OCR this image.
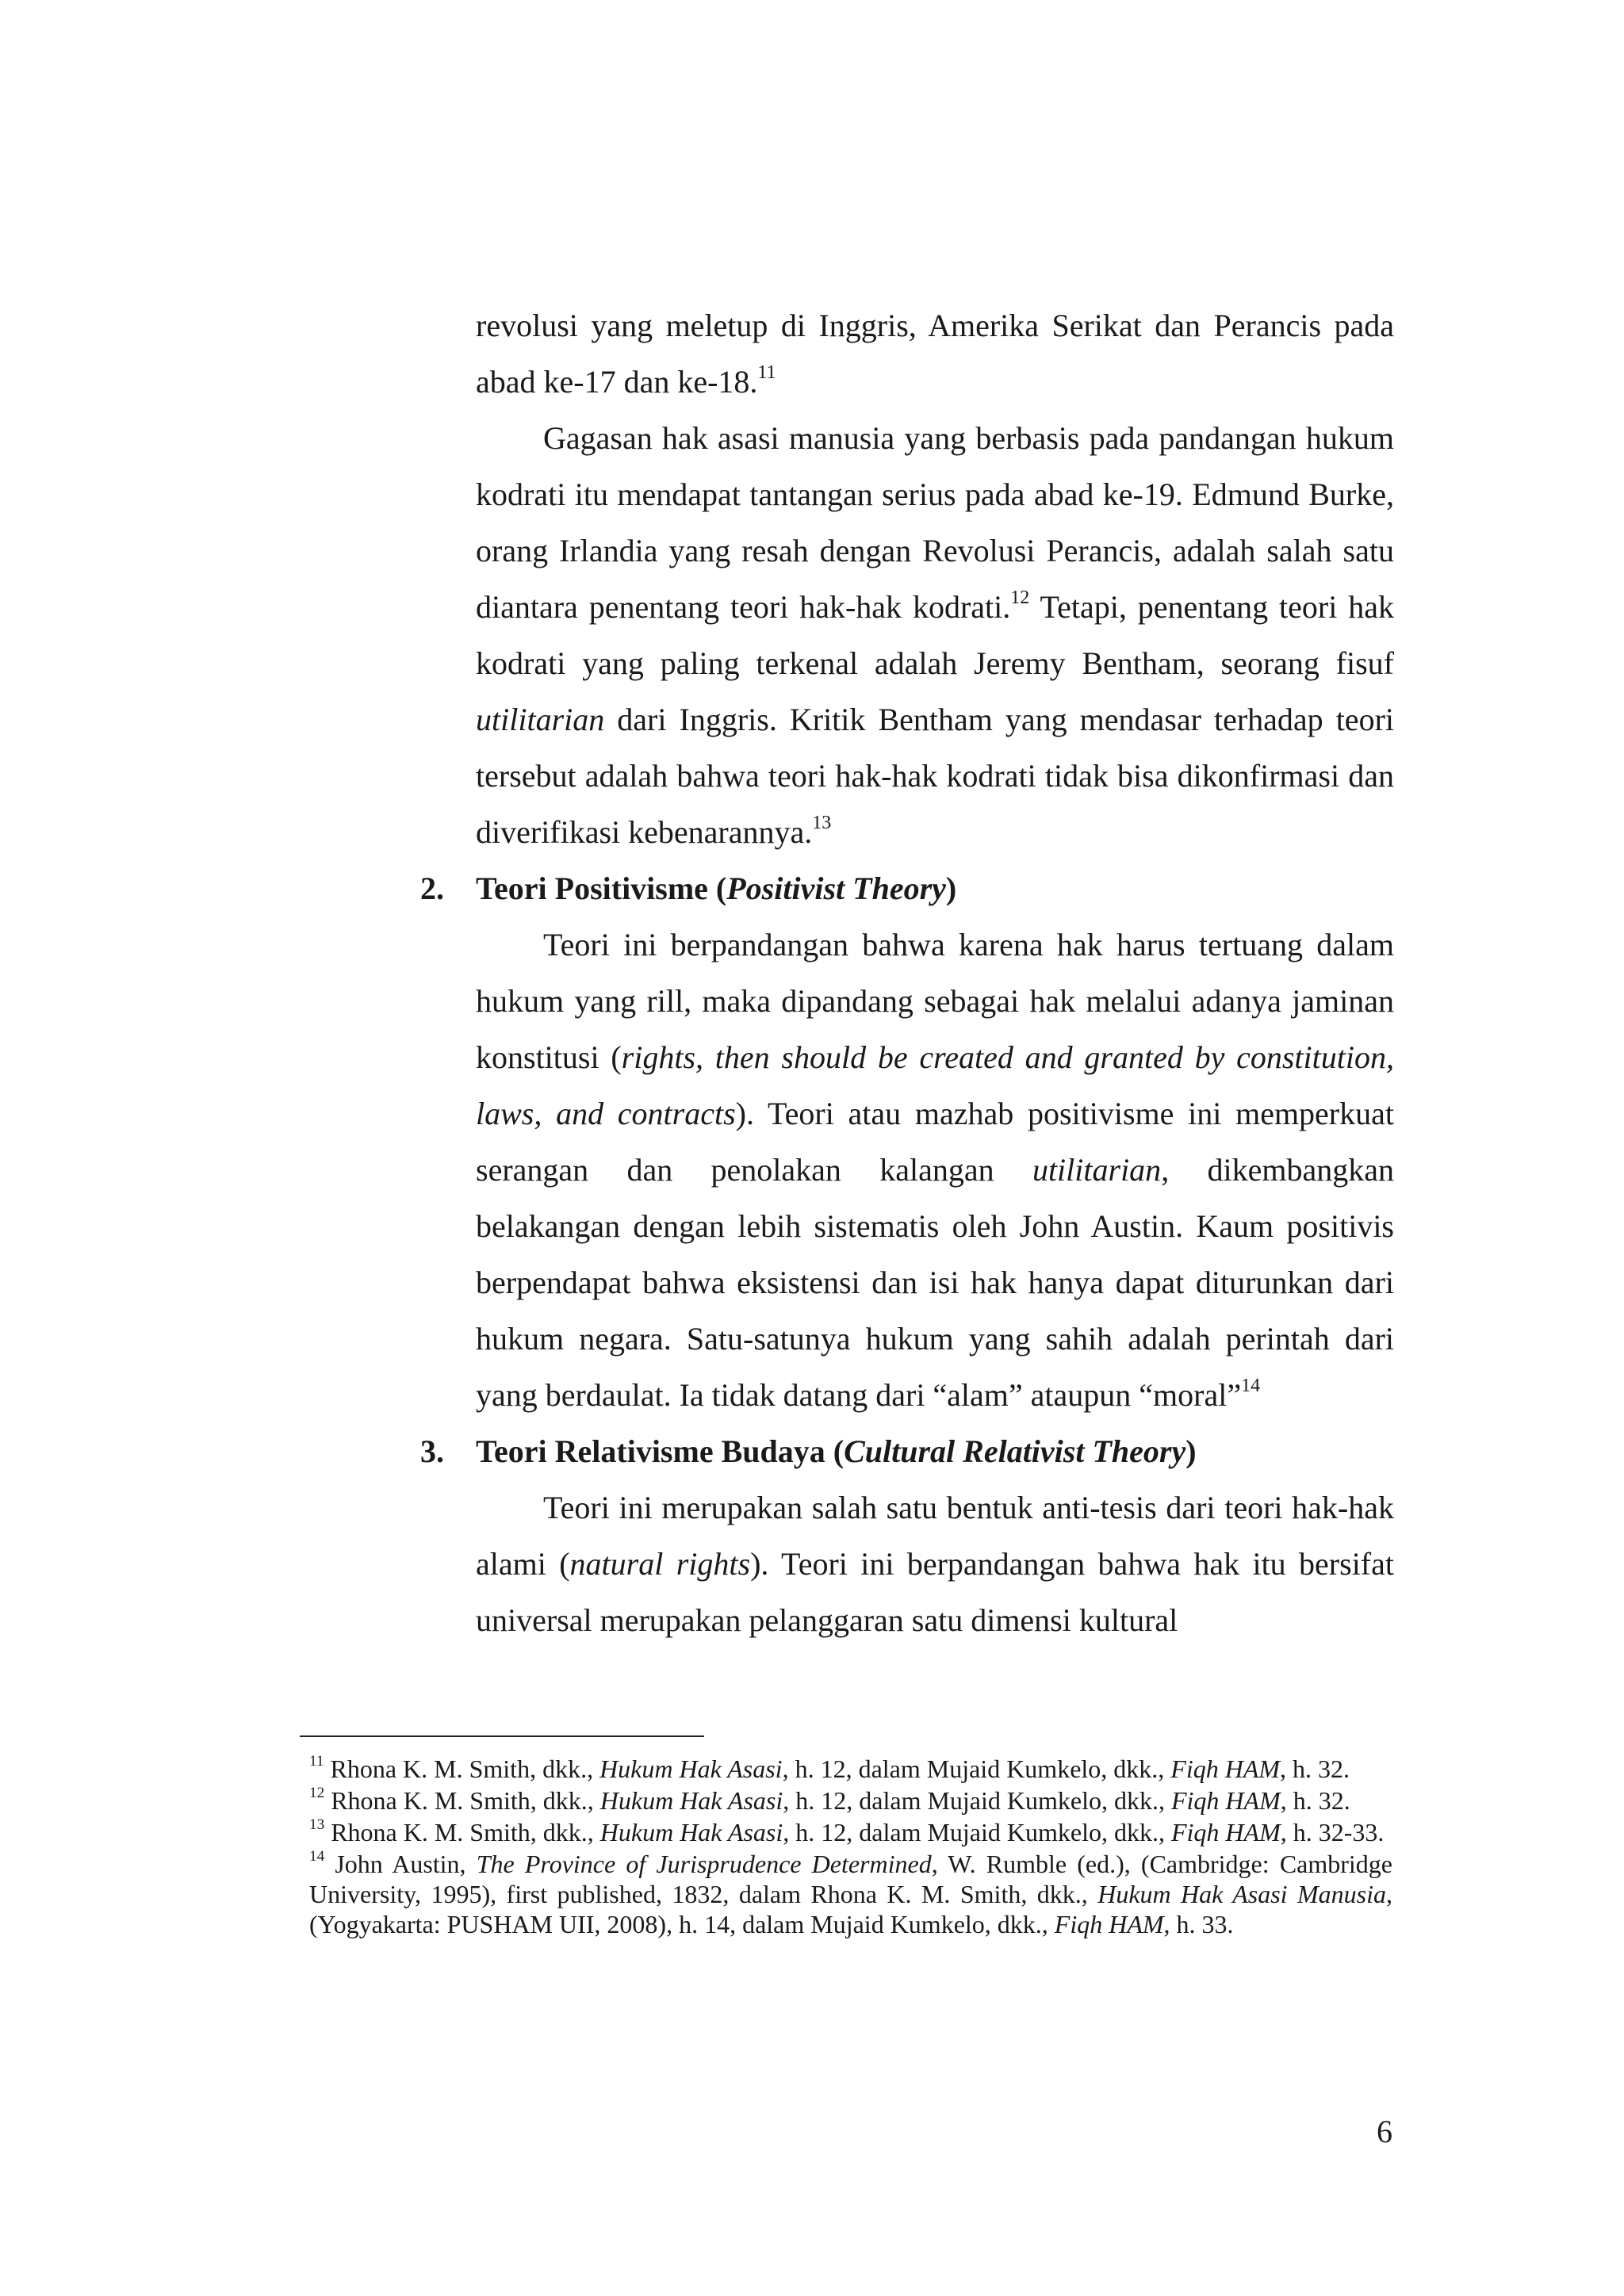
revolusi yang meletup di Inggris, Amerika Serikat dan Perancis pada abad ke-17 dan ke-18.11

Gagasan hak asasi manusia yang berbasis pada pandangan hukum kodrati itu mendapat tantangan serius pada abad ke-19. Edmund Burke, orang Irlandia yang resah dengan Revolusi Perancis, adalah salah satu diantara penentang teori hak-hak kodrati.$^{12}$ Tetapi, penentang teori hak kodrati yang paling terkenal adalah Jeremy Bentham, seorang fisuf utilitarian dari Inggris. Kritik Bentham yang mendasar terhadap teori tersebut adalah bahwa teori hak-hak kodrati tidak bisa dikonfirmasi dan diverifikasi kebenarannya.$^{13}$

2. Teori Positivisme (Positivist Theory)

Teori ini berpandangan bahwa karena hak harus tertuang dalam hukum yang rill, maka dipandang sebagai hak melalui adanya jaminan konstitusi (rights, then should be created and granted by constitution, laws, and contracts). Teori atau mazhab positivisme ini memperkuat serangan dan penolakan kalangan utilitarian, dikembangkan belakangan dengan lebih sistematis oleh John Austin. Kaum positivis berpendapat bahwa eksistensi dan isi hak hanya dapat diturunkan dari hukum negara. Satu-satunya hukum yang sahih adalah perintah dari yang berdaulat. Ia tidak datang dari “alam” ataupun “moral”$^{14}$

3. Teori Relativisme Budaya (Cultural Relativist Theory)

Teori ini merupakan salah satu bentuk anti-tesis dari teori hak-hak alami (natural rights). Teori ini berpandangan bahwa hak itu bersifat universal merupakan pelanggaran satu dimensi kultural

$^{11}$ Rhona K. M. Smith, dkk., Hukum Hak Asasi, h. 12, dalam Mujaid Kumkelo, dkk., Fiqh HAM, h. 32.

$^{12}$ Rhona K. M. Smith, dkk., Hukum Hak Asasi, h. 12, dalam Mujaid Kumkelo, dkk., Fiqh HAM, h. 32.

$^{13}$ Rhona K. M. Smith, dkk., Hukum Hak Asasi, h. 12, dalam Mujaid Kumkelo, dkk., Fiqh HAM, h. 32-33.

$^{14}$ John Austin, The Province of Jurisprudence Determined, W. Rumble (ed.), (Cambridge: Cambridge University, 1995), first published, 1832, dalam Rhona K. M. Smith, dkk., Hukum Hak Asasi Manusia, (Yogyakarta: PUSHAM UII, 2008), h. 14, dalam Mujaid Kumkelo, dkk., Fiqh HAM, h. 33.

6
